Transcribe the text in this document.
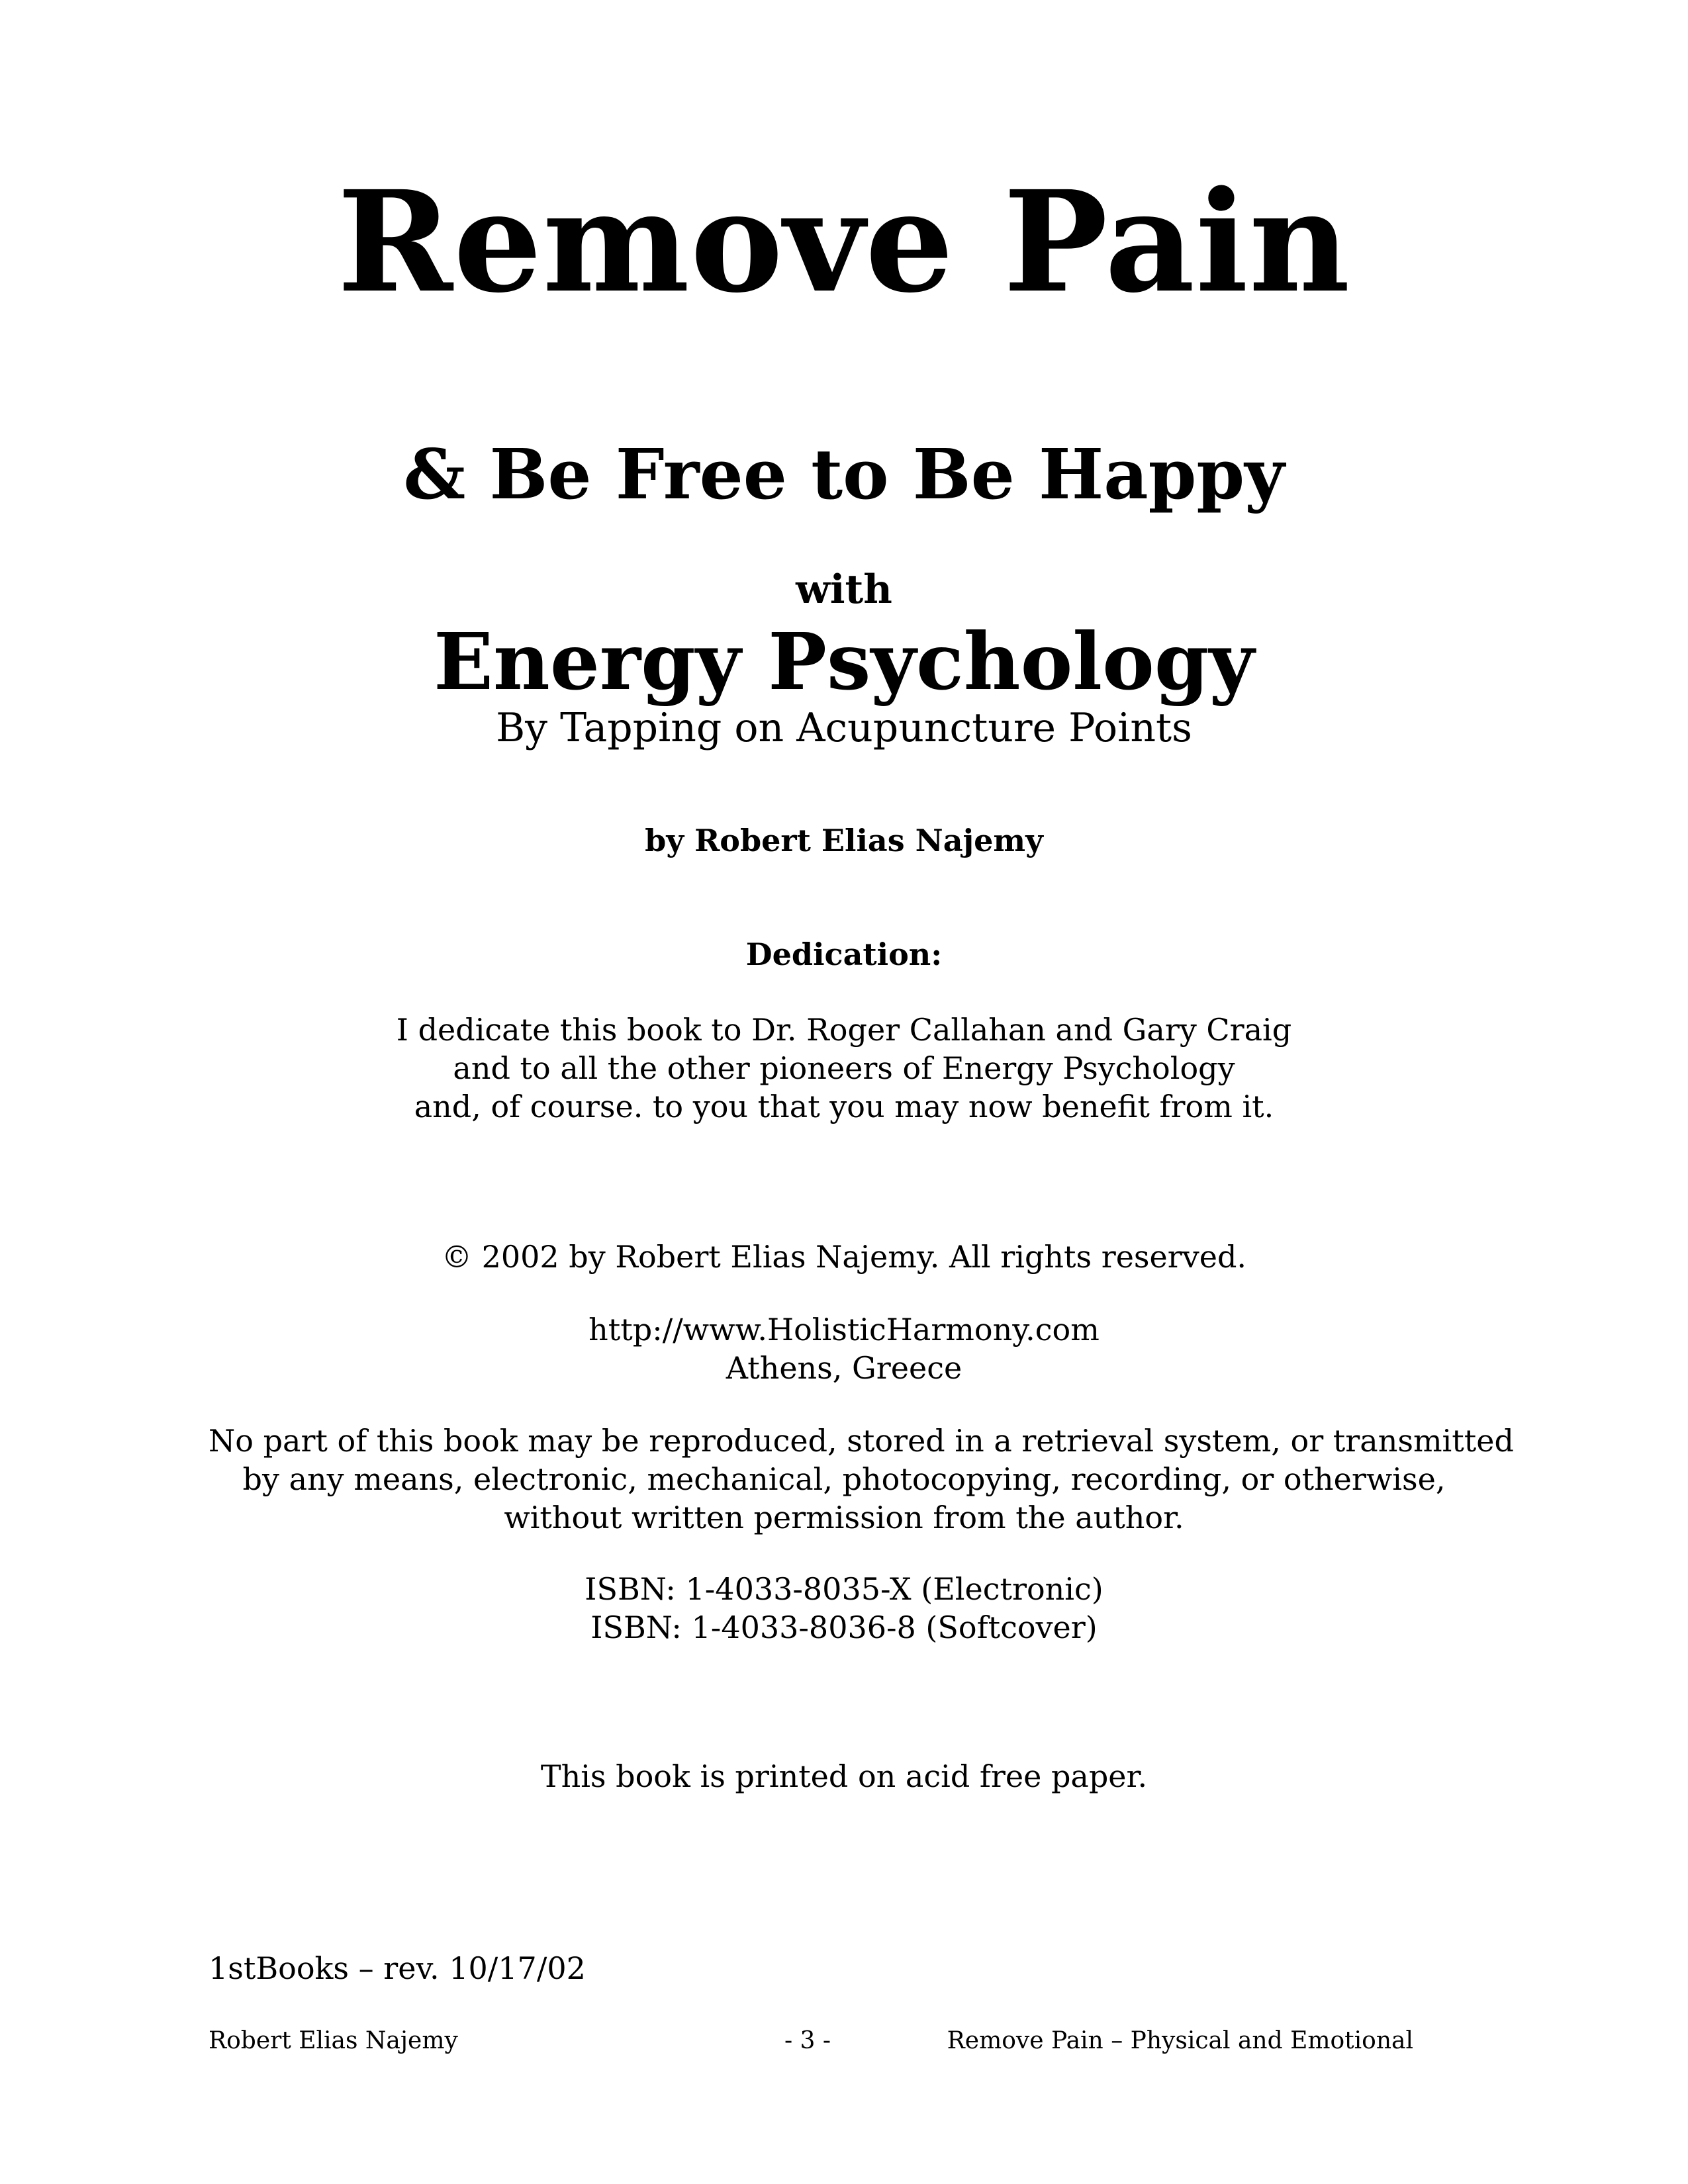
Remove Pain
& Be Free to Be Happy
with
Energy Psychology
By Tapping on Acupuncture Points
by Robert Elias Najemy
Dedication:
I dedicate this book to Dr. Roger Callahan and Gary Craig
and to all the other pioneers of Energy Psychology
and, of course. to you that you may now benefit from it.
© 2002 by Robert Elias Najemy. All rights reserved.
http://www.HolisticHarmony.com
Athens, Greece
No part of this book may be reproduced, stored in a retrieval system, or transmitted
by any means, electronic, mechanical, photocopying, recording, or otherwise,
without written permission from the author.
ISBN: 1-4033-8035-X (Electronic)
ISBN: 1-4033-8036-8 (Softcover)
This book is printed on acid free paper.
1stBooks – rev. 10/17/02
Robert Elias Najemy	- 3 -	Remove Pain – Physical and Emotional
